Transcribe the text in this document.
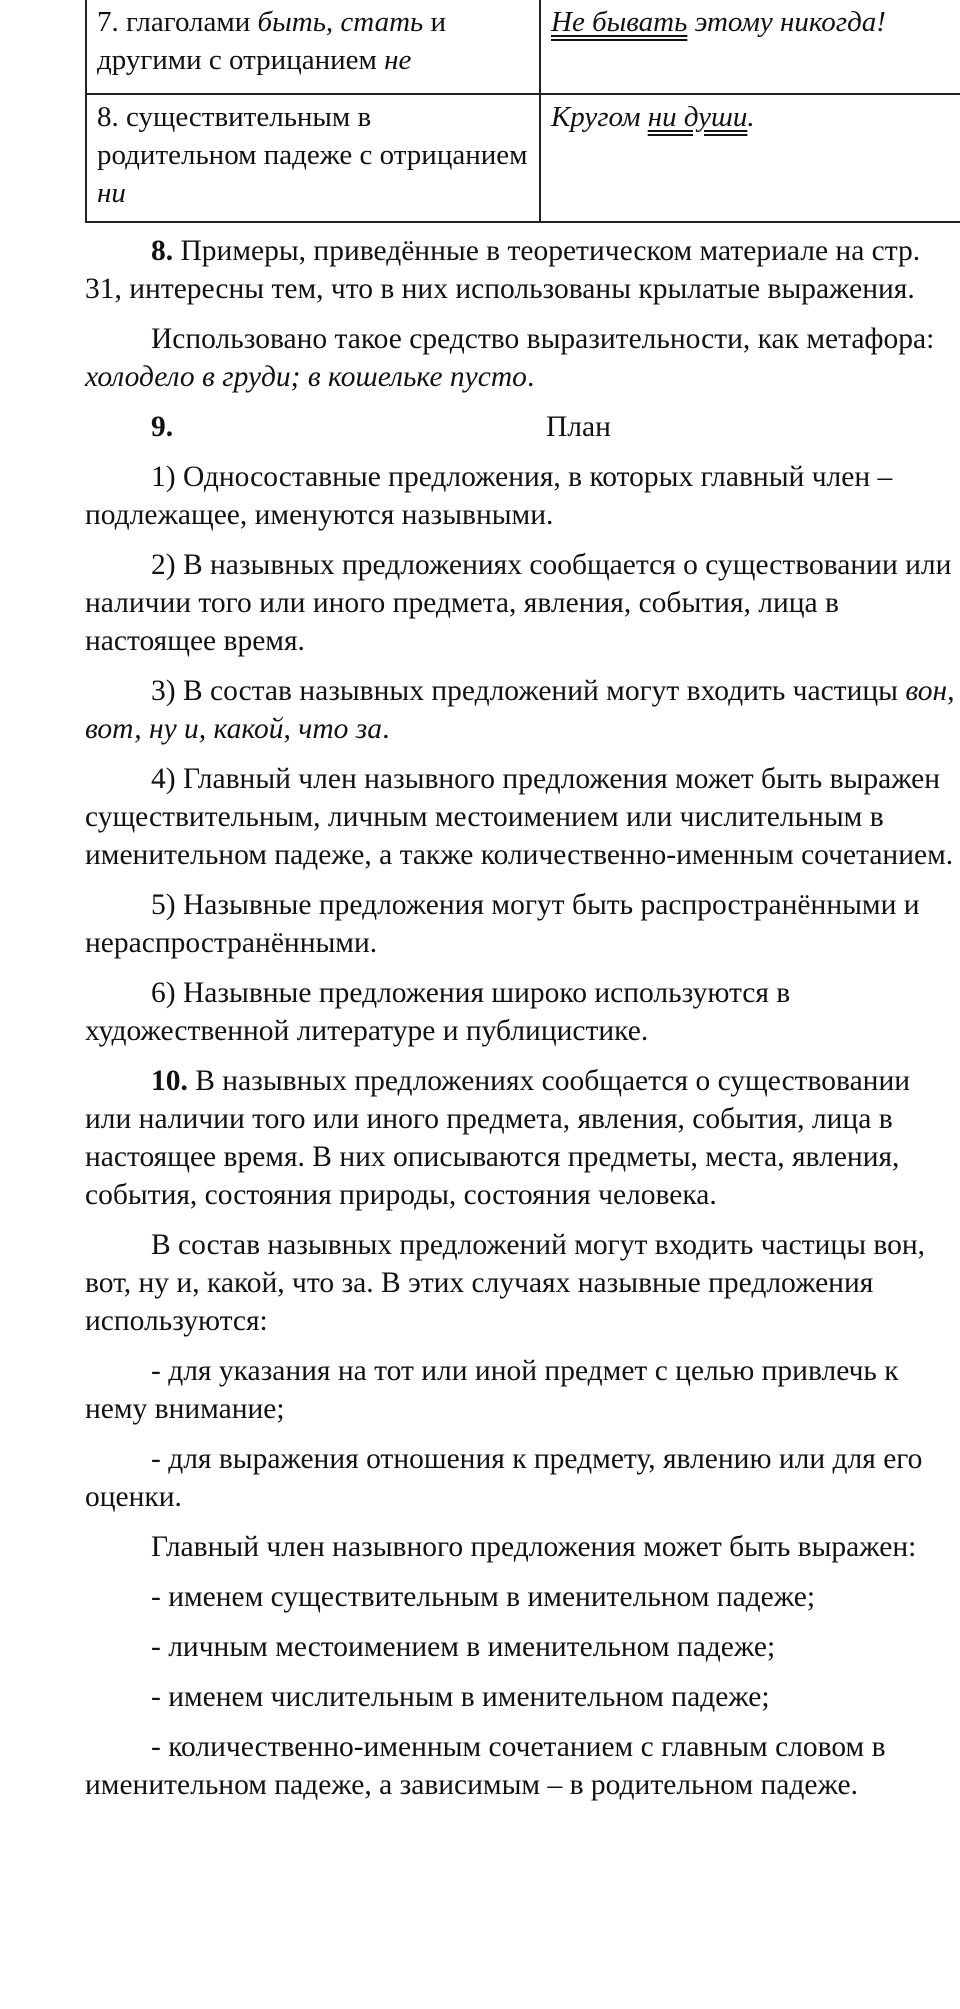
7. глаголами быть, стать и другими с отрицанием не	Не бывать этому никогда!
8. существительным в родительном падеже с отрицанием ни	Кругом ни души.

8. Примеры, приведённые в теоретическом материале на стр. 31, интересны тем, что в них использованы крылатые выражения.

Использовано такое средство выразительности, как метафора: холодело в груди; в кошельке пусто.

9.	План

1) Односоставные предложения, в которых главный член – подлежащее, именуются назывными.

2) В назывных предложениях сообщается о существовании или наличии того или иного предмета, явления, события, лица в настоящее время.

3) В состав назывных предложений могут входить частицы вон, вот, ну и, какой, что за.

4) Главный член назывного предложения может быть выражен существительным, личным местоимением или числительным в именительном падеже, а также количественно-именным сочетанием.

5) Назывные предложения могут быть распространёнными и нераспространёнными.

6) Назывные предложения широко используются в художественной литературе и публицистике.

10. В назывных предложениях сообщается о существовании или наличии того или иного предмета, явления, события, лица в настоящее время. В них описываются предметы, места, явления, события, состояния природы, состояния человека.

В состав назывных предложений могут входить частицы вон, вот, ну и, какой, что за. В этих случаях назывные предложения используются:

- для указания на тот или иной предмет с целью привлечь к нему внимание;

- для выражения отношения к предмету, явлению или для его оценки.

Главный член назывного предложения может быть выражен:

- именем существительным в именительном падеже;

- личным местоимением в именительном падеже;

- именем числительным в именительном падеже;

- количественно-именным сочетанием с главным словом в именительном падеже, а зависимым – в родительном падеже.
